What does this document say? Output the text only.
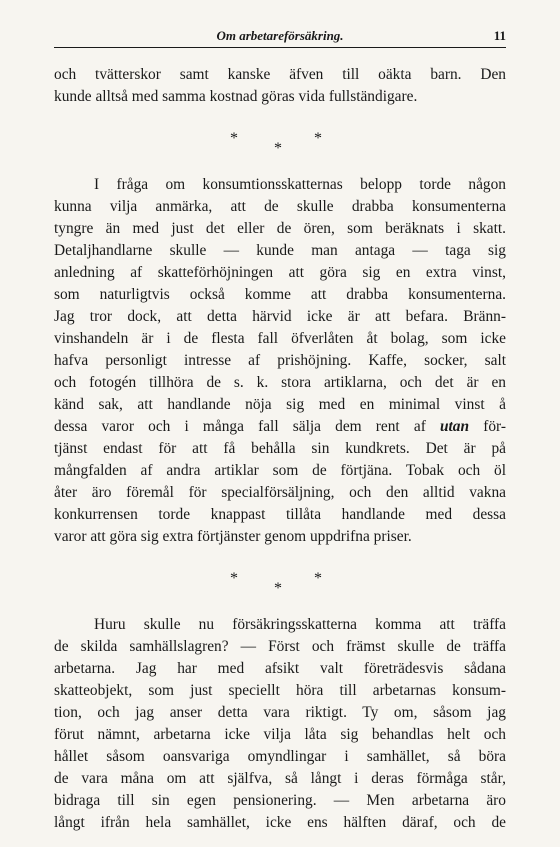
Om arbetareförsäkring.	11
och tvätterskor samt kanske äfven till oäkta barn. Den
kunde alltså med samma kostnad göras vida fullständigare.
*
*
*
I fråga om konsumtionsskatternas belopp torde någon
kunna vilja anmärka, att de skulle drabba konsumenterna
tyngre än med just det eller de ören, som beräknats i skatt.
Detaljhandlarne skulle — kunde man antaga — taga sig
anledning af skatteförhöjningen att göra sig en extra vinst,
som naturligtvis också komme att drabba konsumenterna.
Jag tror dock, att detta härvid icke är att befara. Bränn-
vinshandeln är i de flesta fall öfverlåten åt bolag, som icke
hafva personligt intresse af prishöjning. Kaffe, socker, salt
och fotogén tillhöra de s. k. stora artiklarna, och det är en
känd sak, att handlande nöja sig med en minimal vinst å
dessa varor och i många fall sälja dem rent af utan för-
tjänst endast för att få behålla sin kundkrets. Det är på
mångfalden af andra artiklar som de förtjäna. Tobak och öl
åter äro föremål för specialförsäljning, och den alltid vakna
konkurrensen torde knappast tillåta handlande med dessa
varor att göra sig extra förtjänster genom uppdrifna priser.
*
*
*
Huru skulle nu försäkringsskatterna komma att träffa
de skilda samhällslagren? — Först och främst skulle de träffa
arbetarna. Jag har med afsikt valt företrädesvis sådana
skatteobjekt, som just speciellt höra till arbetarnas konsum-
tion, och jag anser detta vara riktigt. Ty om, såsom jag
förut nämnt, arbetarna icke vilja låta sig behandlas helt och
hållet såsom oansvariga omyndlingar i samhället, så böra
de vara måna om att själfva, så långt i deras förmåga står,
bidraga till sin egen pensionering. — Men arbetarna äro
långt ifrån hela samhället, icke ens hälften däraf, och de
